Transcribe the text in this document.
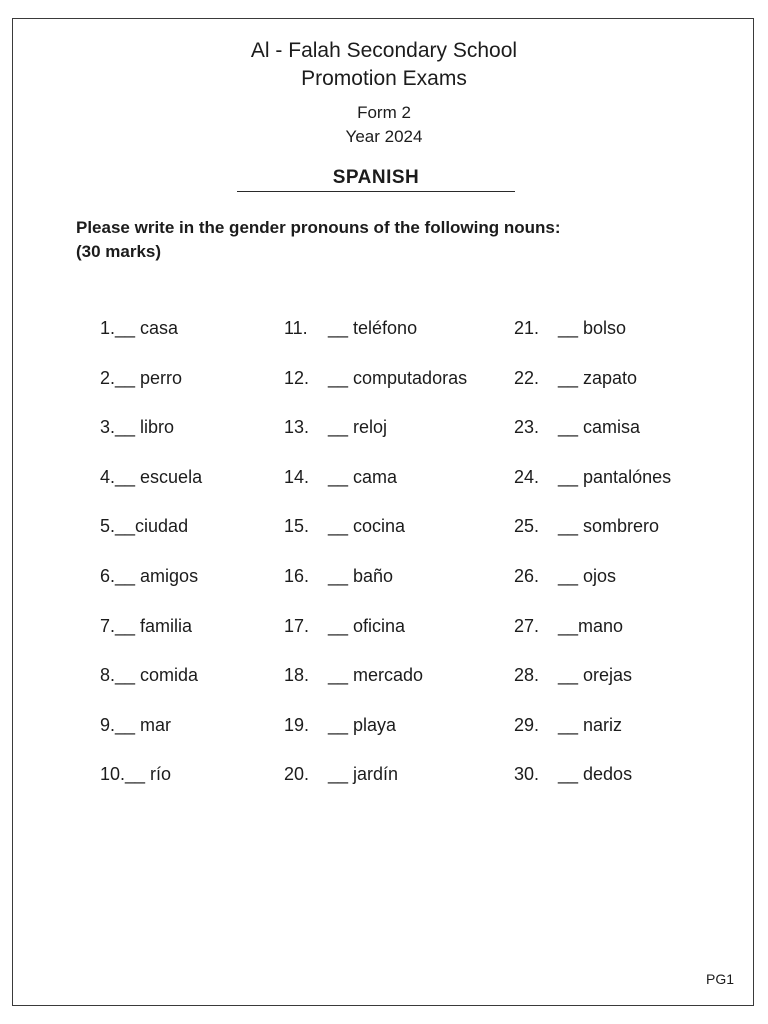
Al - Falah Secondary School
Promotion Exams
Form 2
Year 2024
SPANISH
Please write in the gender pronouns of the following nouns:
(30 marks)
1.__ casa
2.__ perro
3.__ libro
4.__ escuela
5.__ciudad
6.__ amigos
7.__ familia
8.__ comida
9.__ mar
10.__ río
11. __ teléfono
12. __ computadoras
13. __ reloj
14. __ cama
15. __ cocina
16. __ baño
17. __ oficina
18. __ mercado
19. __ playa
20. __ jardín
21. __ bolso
22. __ zapato
23. __ camisa
24. __ pantalónes
25. __ sombrero
26. __ ojos
27. __mano
28. __ orejas
29. __ nariz
30. __ dedos
PG1
